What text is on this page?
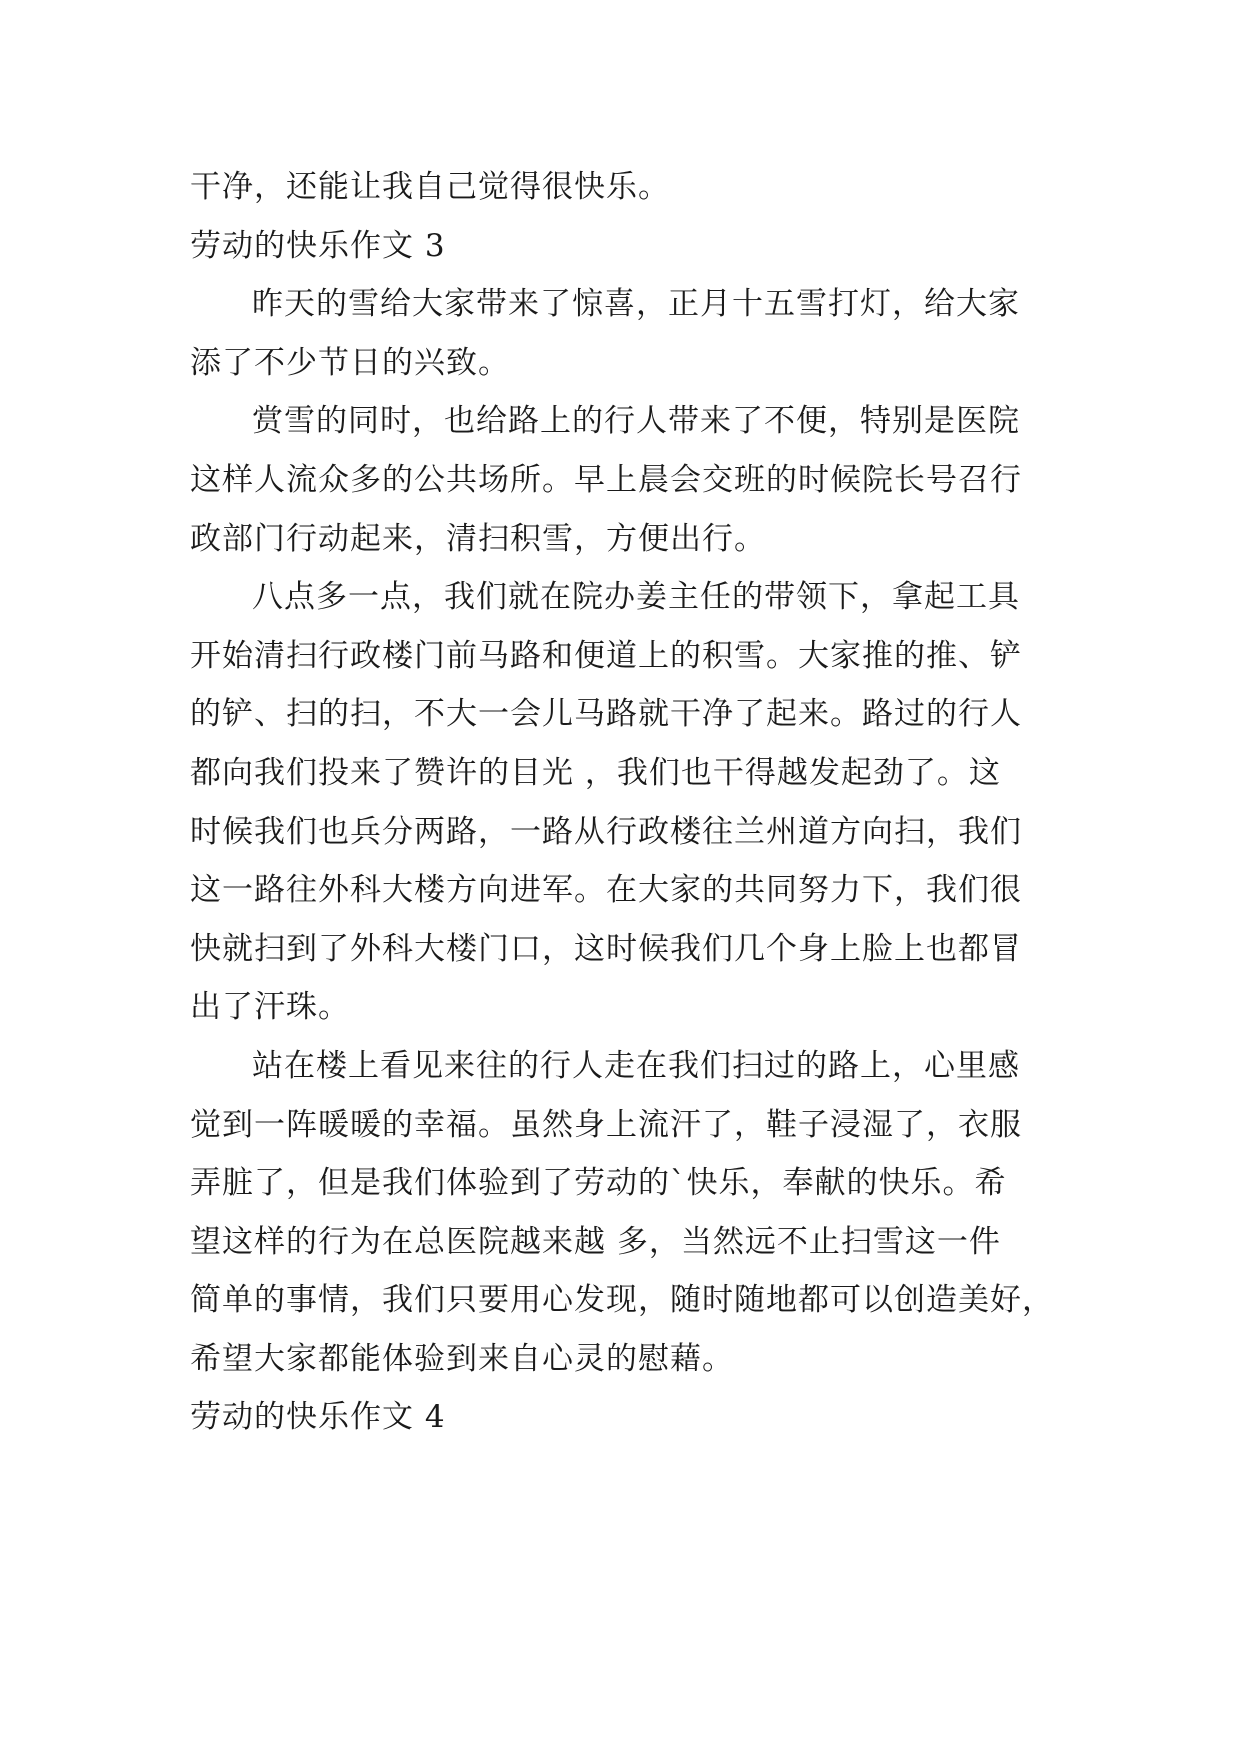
干净，还能让我自己觉得很快乐。
劳动的快乐作文 3
昨天的雪给大家带来了惊喜，正月十五雪打灯，给大家
添了不少节日的兴致。
赏雪的同时，也给路上的行人带来了不便，特别是医院
这样人流众多的公共场所。早上晨会交班的时候院长号召行
政部门行动起来，清扫积雪，方便出行。
八点多一点，我们就在院办姜主任的带领下，拿起工具
开始清扫行政楼门前马路和便道上的积雪。大家推的推、铲
的铲、扫的扫，不大一会儿马路就干净了起来。路过的行人
都向我们投来了赞许的目光 ，我们也干得越发起劲了。这
时候我们也兵分两路，一路从行政楼往兰州道方向扫，我们
这一路往外科大楼方向进军。在大家的共同努力下，我们很
快就扫到了外科大楼门口，这时候我们几个身上脸上也都冒
出了汗珠。
站在楼上看见来往的行人走在我们扫过的路上，心里感
觉到一阵暖暖的幸福。虽然身上流汗了，鞋子浸湿了，衣服
弄脏了，但是我们体验到了劳动的`快乐，奉献的快乐。希
望这样的行为在总医院越来越 多，当然远不止扫雪这一件
简单的事情，我们只要用心发现，随时随地都可以创造美好，
希望大家都能体验到来自心灵的慰藉。
劳动的快乐作文 4
